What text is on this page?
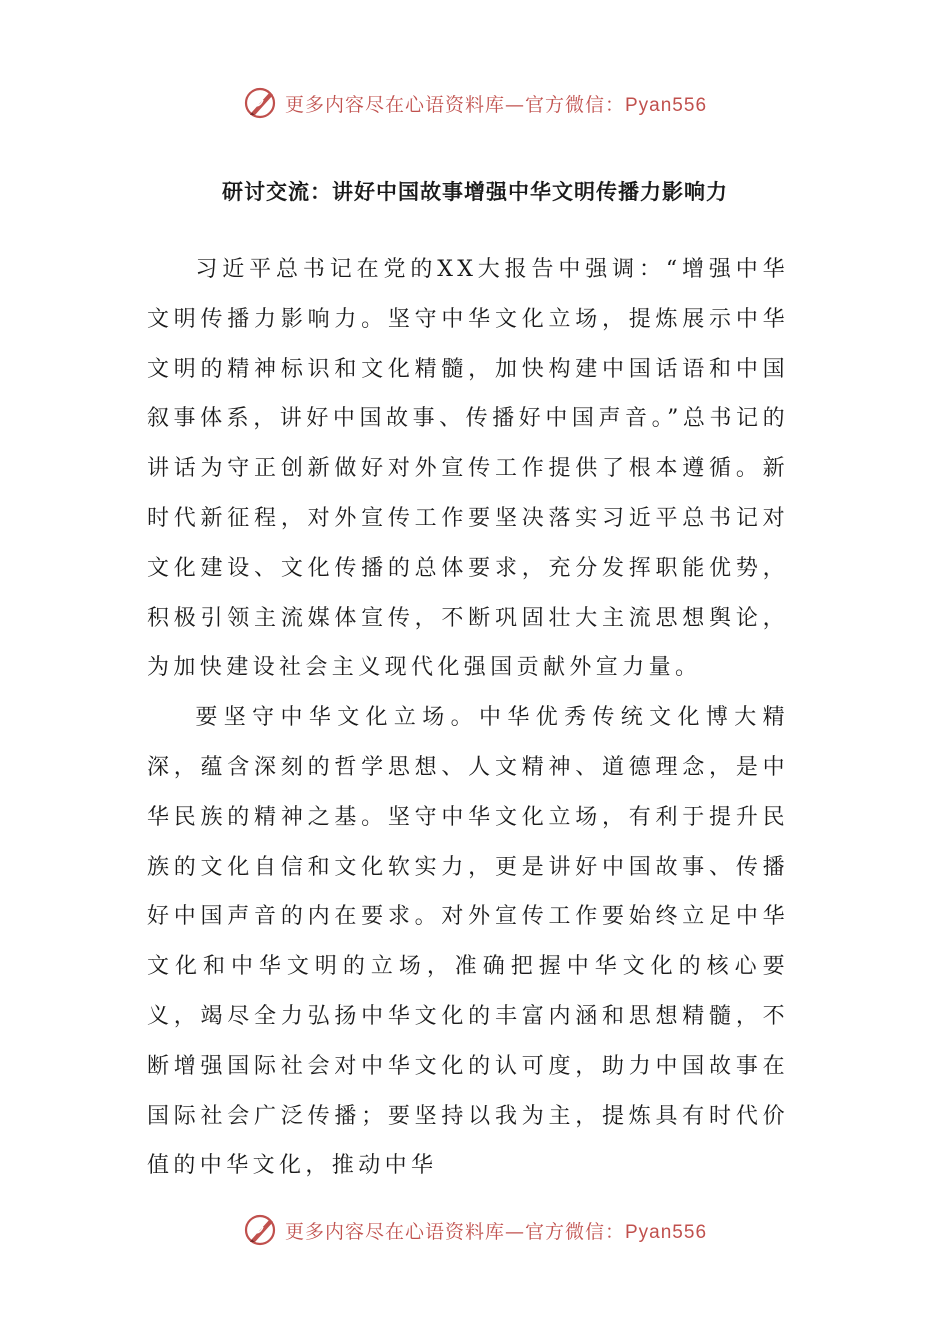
更多内容尽在心语资料库—官方微信：Pyan556
研讨交流：讲好中国故事增强中华文明传播力影响力

习近平总书记在党的XX大报告中强调：“增强中华文明传播力影响力。坚守中华文化立场，提炼展示中华文明的精神标识和文化精髓，加快构建中国话语和中国叙事体系，讲好中国故事、传播好中国声音。”总书记的讲话为守正创新做好对外宣传工作提供了根本遵循。新时代新征程，对外宣传工作要坚决落实习近平总书记对文化建设、文化传播的总体要求，充分发挥职能优势，积极引领主流媒体宣传，不断巩固壮大主流思想舆论，为加快建设社会主义现代化强国贡献外宣力量。

要坚守中华文化立场。中华优秀传统文化博大精深，蕴含深刻的哲学思想、人文精神、道德理念，是中华民族的精神之基。坚守中华文化立场，有利于提升民族的文化自信和文化软实力，更是讲好中国故事、传播好中国声音的内在要求。对外宣传工作要始终立足中华文化和中华文明的立场，准确把握中华文化的核心要义，竭尽全力弘扬中华文化的丰富内涵和思想精髓，不断增强国际社会对中华文化的认可度，助力中国故事在国际社会广泛传播；要坚持以我为主，提炼具有时代价值的中华文化，推动中华

更多内容尽在心语资料库—官方微信：Pyan556
